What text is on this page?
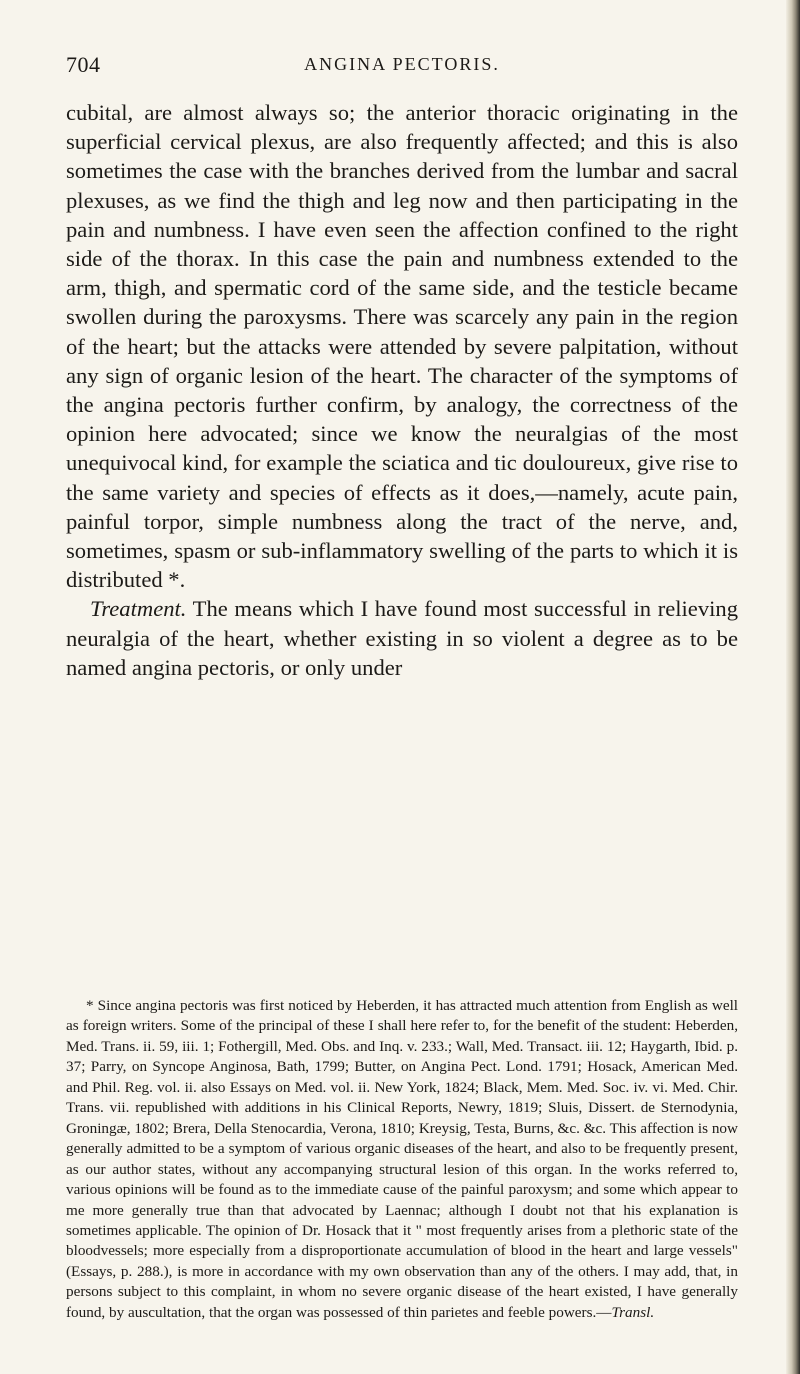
704	ANGINA PECTORIS.

cubital, are almost always so; the anterior thoracic originating in the superficial cervical plexus, are also frequently affected; and this is also sometimes the case with the branches derived from the lumbar and sacral plexuses, as we find the thigh and leg now and then participating in the pain and numbness. I have even seen the affection confined to the right side of the thorax. In this case the pain and numbness extended to the arm, thigh, and spermatic cord of the same side, and the testicle became swollen during the paroxysms. There was scarcely any pain in the region of the heart; but the attacks were attended by severe palpitation, without any sign of organic lesion of the heart. The character of the symptoms of the angina pectoris further confirm, by analogy, the correctness of the opinion here advocated; since we know the neuralgias of the most unequivocal kind, for example the sciatica and tic douloureux, give rise to the same variety and species of effects as it does,—namely, acute pain, painful torpor, simple numbness along the tract of the nerve, and, sometimes, spasm or sub-inflammatory swelling of the parts to which it is distributed *.

Treatment. The means which I have found most successful in relieving neuralgia of the heart, whether existing in so violent a degree as to be named angina pectoris, or only under

* Since angina pectoris was first noticed by Heberden, it has attracted much attention from English as well as foreign writers. Some of the principal of these I shall here refer to, for the benefit of the student: Heberden, Med. Trans. ii. 59, iii. 1; Fothergill, Med. Obs. and Inq. v. 233.; Wall, Med. Transact. iii. 12; Haygarth, Ibid. p. 37; Parry, on Syncope Anginosa, Bath, 1799; Butter, on Angina Pect. Lond. 1791; Hosack, American Med. and Phil. Reg. vol. ii. also Essays on Med. vol. ii. New York, 1824; Black, Mem. Med. Soc. iv. vi. Med. Chir. Trans. vii. republished with additions in his Clinical Reports, Newry, 1819; Sluis, Dissert. de Sternodynia, Groningæ, 1802; Brera, Della Stenocardia, Verona, 1810; Kreysig, Testa, Burns, &c. &c. This affection is now generally admitted to be a symptom of various organic diseases of the heart, and also to be frequently present, as our author states, without any accompanying structural lesion of this organ. In the works referred to, various opinions will be found as to the immediate cause of the painful paroxysm; and some which appear to me more generally true than that advocated by Laennac; although I doubt not that his explanation is sometimes applicable. The opinion of Dr. Hosack that it " most frequently arises from a plethoric state of the bloodvessels; more especially from a disproportionate accumulation of blood in the heart and large vessels" (Essays, p. 288.), is more in accordance with my own observation than any of the others. I may add, that, in persons subject to this complaint, in whom no severe organic disease of the heart existed, I have generally found, by auscultation, that the organ was possessed of thin parietes and feeble powers.—Transl.
